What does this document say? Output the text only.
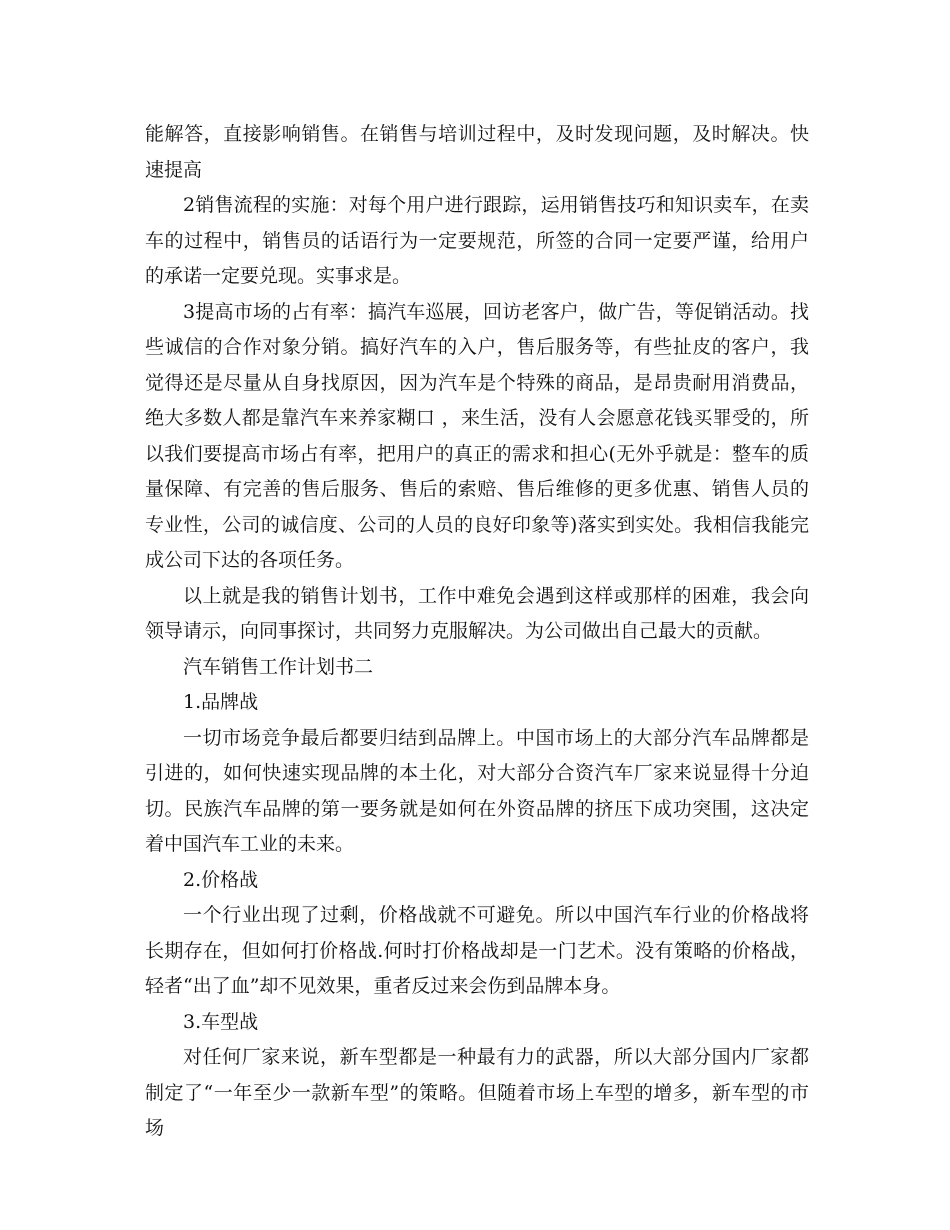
能解答，直接影响销售。在销售与培训过程中，及时发现问题，及时解决。快速提高

2销售流程的实施：对每个用户进行跟踪，运用销售技巧和知识卖车，在卖车的过程中，销售员的话语行为一定要规范，所签的合同一定要严谨，给用户的承诺一定要兑现。实事求是。

3提高市场的占有率：搞汽车巡展，回访老客户，做广告，等促销活动。找些诚信的合作对象分销。搞好汽车的入户，售后服务等，有些扯皮的客户，我觉得还是尽量从自身找原因，因为汽车是个特殊的商品，是昂贵耐用消费品，绝大多数人都是靠汽车来养家糊口 ，来生活，没有人会愿意花钱买罪受的，所以我们要提高市场占有率，把用户的真正的需求和担心(无外乎就是：整车的质量保障、有完善的售后服务、售后的索赔、售后维修的更多优惠、销售人员的专业性，公司的诚信度、公司的人员的良好印象等)落实到实处。我相信我能完成公司下达的各项任务。

以上就是我的销售计划书，工作中难免会遇到这样或那样的困难，我会向领导请示，向同事探讨，共同努力克服解决。为公司做出自己最大的贡献。

汽车销售工作计划书二

1.品牌战

一切市场竞争最后都要归结到品牌上。中国市场上的大部分汽车品牌都是引进的，如何快速实现品牌的本土化，对大部分合资汽车厂家来说显得十分迫切。民族汽车品牌的第一要务就是如何在外资品牌的挤压下成功突围，这决定着中国汽车工业的未来。

2.价格战

一个行业出现了过剩，价格战就不可避免。所以中国汽车行业的价格战将长期存在，但如何打价格战.何时打价格战却是一门艺术。没有策略的价格战，轻者“出了血”却不见效果，重者反过来会伤到品牌本身。

3.车型战

对任何厂家来说，新车型都是一种最有力的武器，所以大部分国内厂家都制定了“一年至少一款新车型”的策略。但随着市场上车型的增多，新车型的市场
